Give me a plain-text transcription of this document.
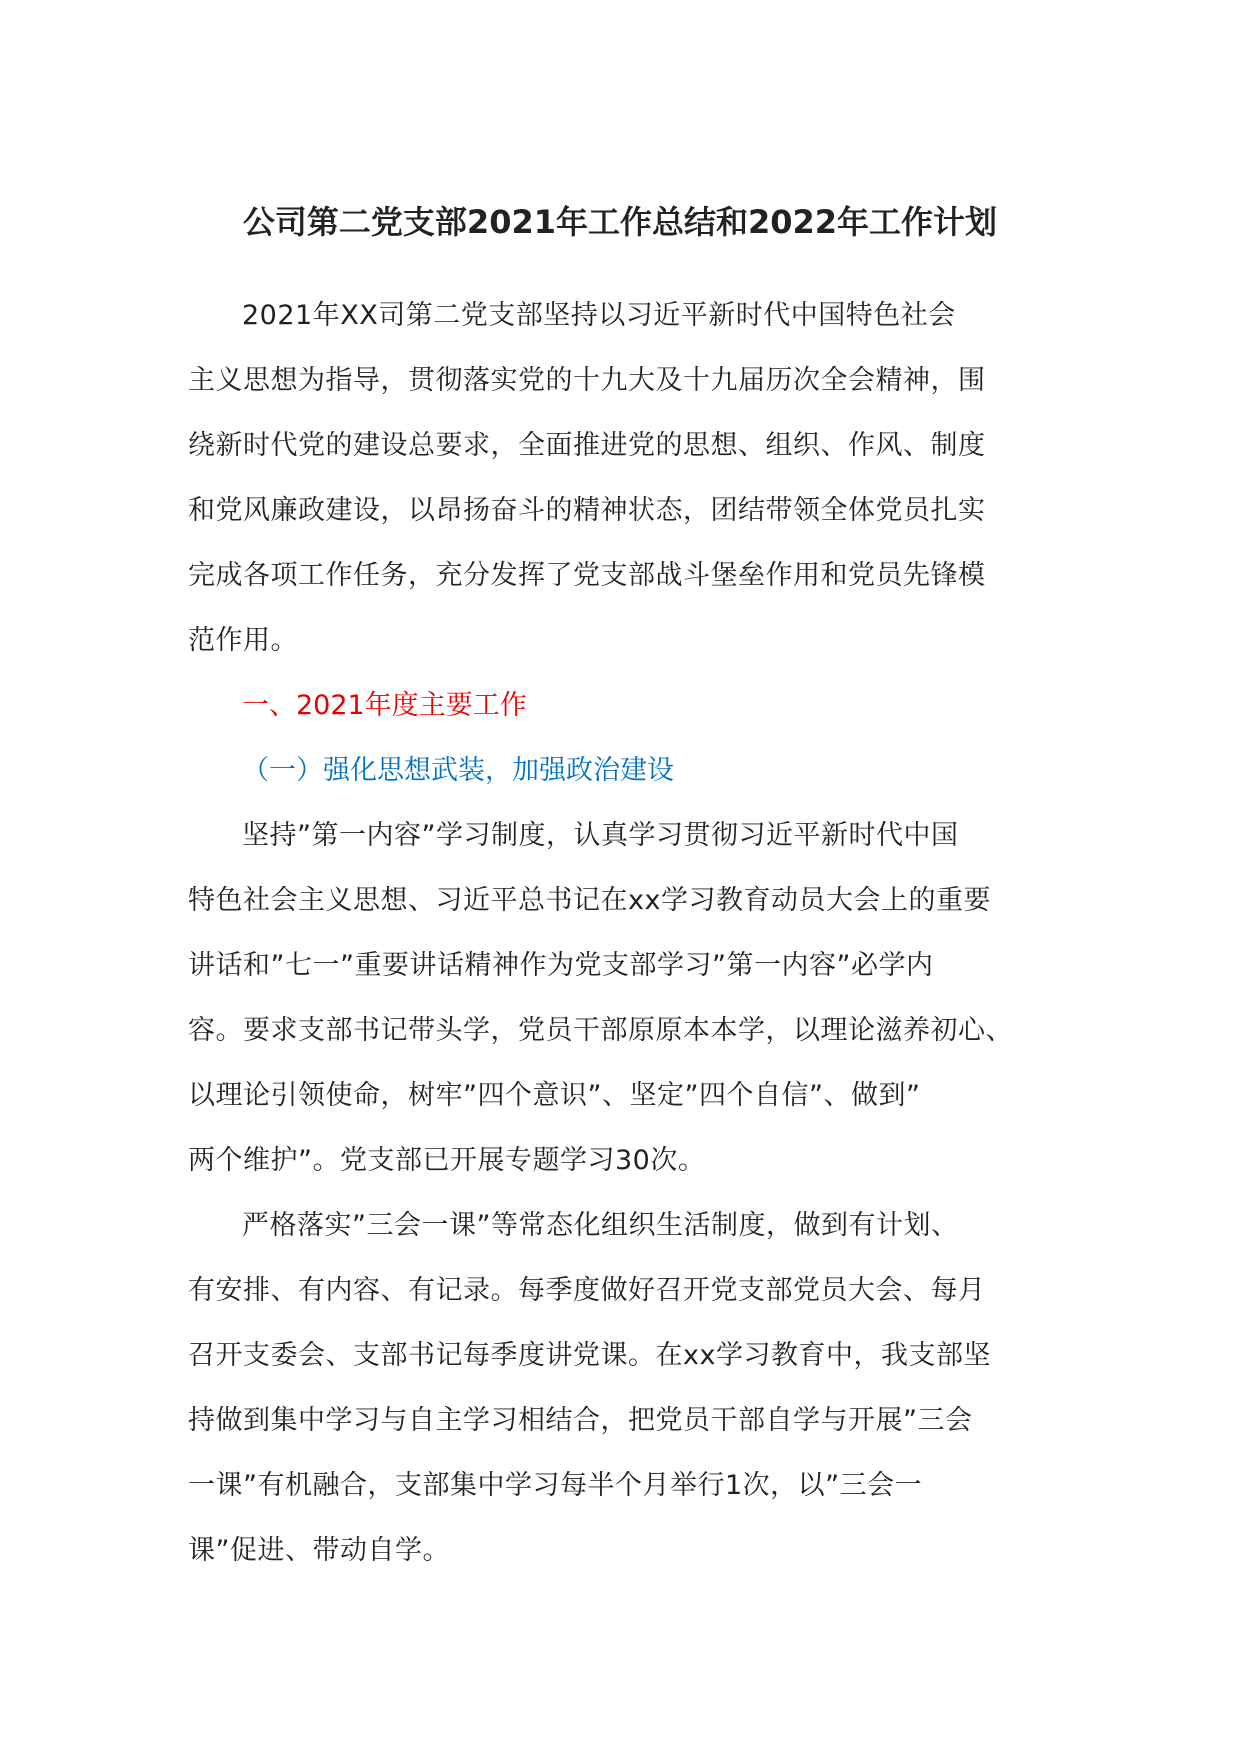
公司第二党支部2021年工作总结和2022年工作计划
2021年XX司第二党支部坚持以习近平新时代中国特色社会
主义思想为指导，贯彻落实党的十九大及十九届历次全会精神，围
绕新时代党的建设总要求，全面推进党的思想、组织、作风、制度
和党风廉政建设，以昂扬奋斗的精神状态，团结带领全体党员扎实
完成各项工作任务，充分发挥了党支部战斗堡垒作用和党员先锋模
范作用。
一、2021年度主要工作
（一）强化思想武装，加强政治建设
坚持”第一内容”学习制度，认真学习贯彻习近平新时代中国
特色社会主义思想、习近平总书记在xx学习教育动员大会上的重要
讲话和”七一”重要讲话精神作为党支部学习”第一内容”必学内
容。要求支部书记带头学，党员干部原原本本学，以理论滋养初心、
以理论引领使命，树牢”四个意识”、坚定”四个自信”、做到”
两个维护”。党支部已开展专题学习30次。
严格落实”三会一课”等常态化组织生活制度，做到有计划、
有安排、有内容、有记录。每季度做好召开党支部党员大会、每月
召开支委会、支部书记每季度讲党课。在xx学习教育中，我支部坚
持做到集中学习与自主学习相结合，把党员干部自学与开展”三会
一课”有机融合，支部集中学习每半个月举行1次，以”三会一
课”促进、带动自学。
